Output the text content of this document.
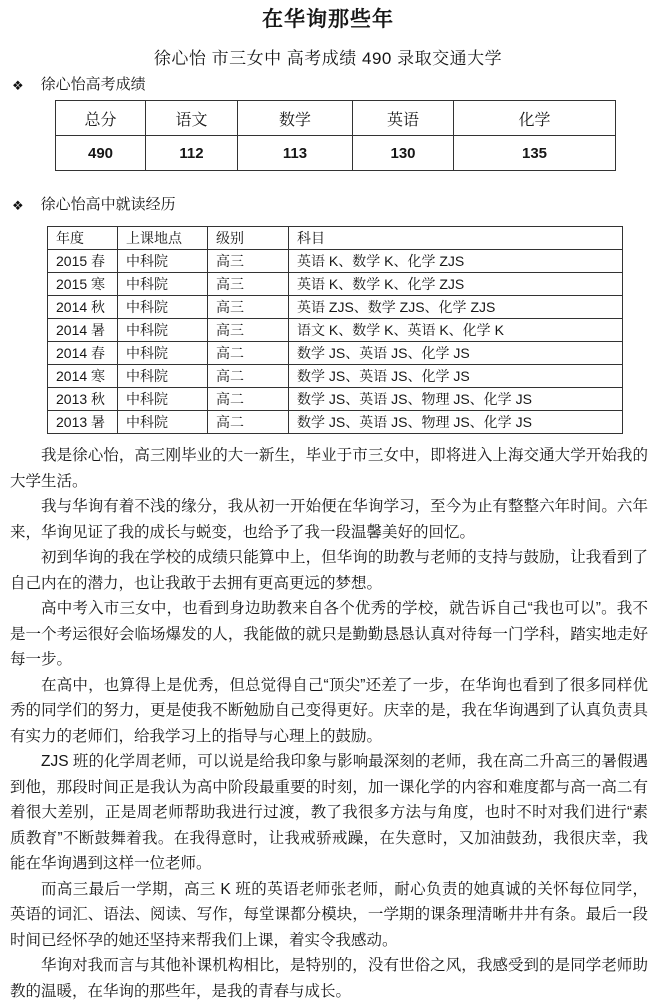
在华询那些年
徐心怡 市三女中 高考成绩 490 录取交通大学
❖ 徐心怡高考成绩
总分	语文	数学	英语	化学
490	112	113	130	135
❖ 徐心怡高中就读经历
年度	上课地点	级别	科目
2015 春	中科院	高三	英语 K、数学 K、化学 ZJS
2015 寒	中科院	高三	英语 K、数学 K、化学 ZJS
2014 秋	中科院	高三	英语 ZJS、数学 ZJS、化学 ZJS
2014 暑	中科院	高三	语文 K、数学 K、英语 K、化学 K
2014 春	中科院	高二	数学 JS、英语 JS、化学 JS
2014 寒	中科院	高二	数学 JS、英语 JS、化学 JS
2013 秋	中科院	高二	数学 JS、英语 JS、物理 JS、化学 JS
2013 暑	中科院	高二	数学 JS、英语 JS、物理 JS、化学 JS

我是徐心怡，高三刚毕业的大一新生，毕业于市三女中，即将进入上海交通大学开始我的大学生活。

我与华询有着不浅的缘分，我从初一开始便在华询学习，至今为止有整整六年时间。六年来，华询见证了我的成长与蜕变，也给予了我一段温馨美好的回忆。

初到华询的我在学校的成绩只能算中上，但华询的助教与老师的支持与鼓励，让我看到了自己内在的潜力，也让我敢于去拥有更高更远的梦想。

高中考入市三女中，也看到身边助教来自各个优秀的学校，就告诉自己“我也可以”。我不是一个考运很好会临场爆发的人，我能做的就只是勤勤恳恳认真对待每一门学科，踏实地走好每一步。

在高中，也算得上是优秀，但总觉得自己“顶尖”还差了一步，在华询也看到了很多同样优秀的同学们的努力，更是使我不断勉励自己变得更好。庆幸的是，我在华询遇到了认真负责具有实力的老师们，给我学习上的指导与心理上的鼓励。

ZJS 班的化学周老师，可以说是给我印象与影响最深刻的老师，我在高二升高三的暑假遇到他，那段时间正是我认为高中阶段最重要的时刻，加一课化学的内容和难度都与高一高二有着很大差别，正是周老师帮助我进行过渡，教了我很多方法与角度，也时不时对我们进行“素质教育”不断鼓舞着我。在我得意时，让我戒骄戒躁，在失意时，又加油鼓劲，我很庆幸，我能在华询遇到这样一位老师。

而高三最后一学期，高三 K 班的英语老师张老师，耐心负责的她真诚的关怀每位同学，英语的词汇、语法、阅读、写作，每堂课都分模块，一学期的课条理清晰井井有条。最后一段时间已经怀孕的她还坚持来帮我们上课，着实令我感动。

华询对我而言与其他补课机构相比，是特别的，没有世俗之风，我感受到的是同学老师助教的温暖，在华询的那些年，是我的青春与成长。
